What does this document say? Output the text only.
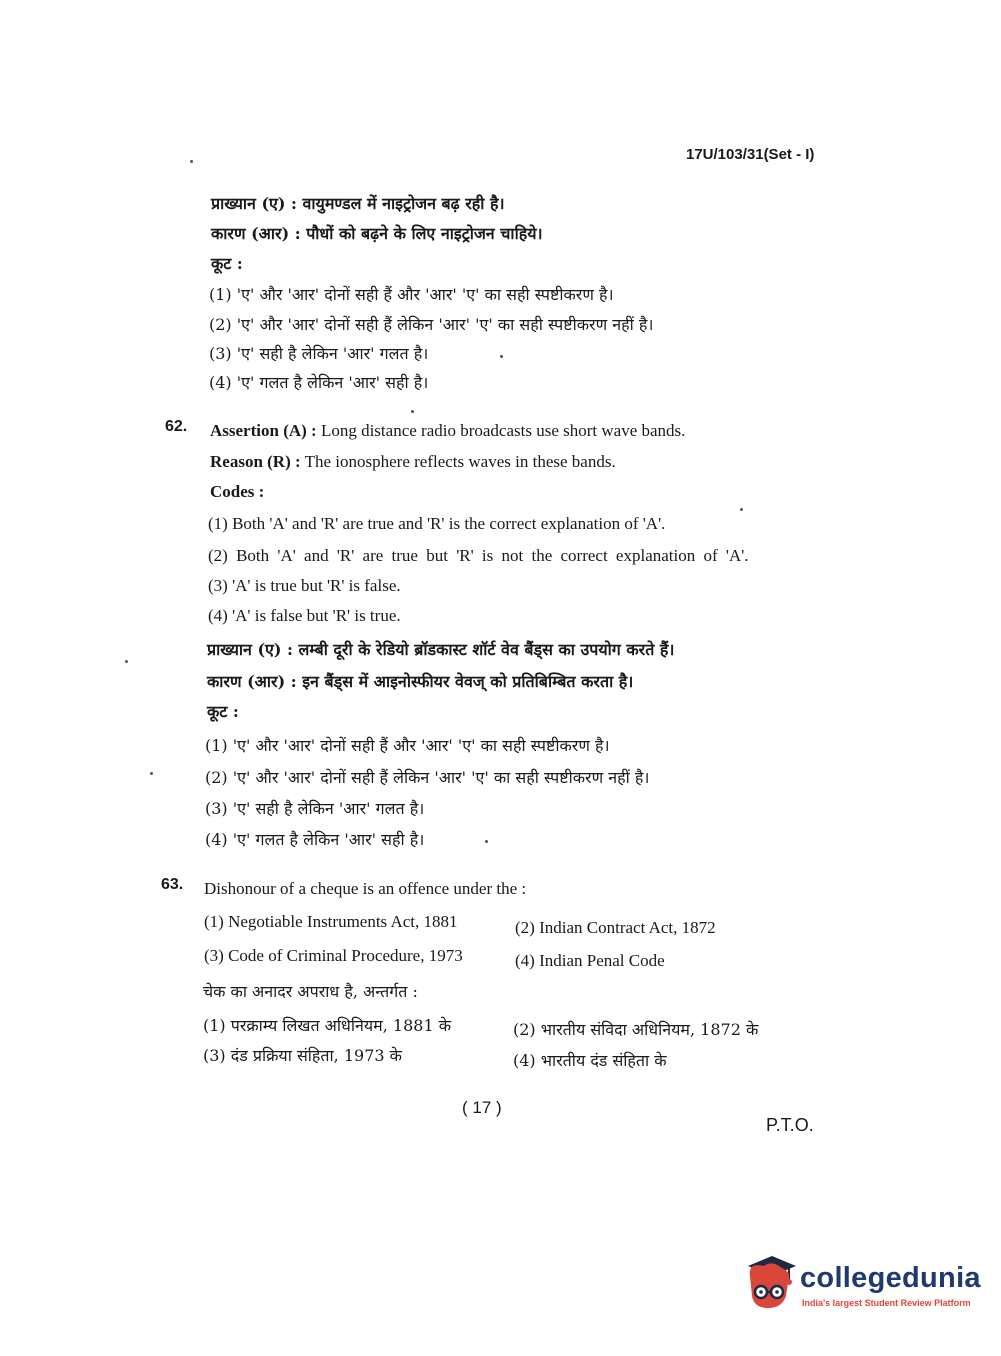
17U/103/31(Set - I)
प्राख्यान (ए) : वायुमण्डल में नाइट्रोजन बढ़ रही है।
कारण (आर) : पौधों को बढ़ने के लिए नाइट्रोजन चाहिये।
कूट :
(1) 'ए' और 'आर' दोनों सही हैं और 'आर' 'ए' का सही स्पष्टीकरण है।
(2) 'ए' और 'आर' दोनों सही हैं लेकिन 'आर' 'ए' का सही स्पष्टीकरण नहीं है।
(3) 'ए' सही है लेकिन 'आर' गलत है।
(4) 'ए' गलत है लेकिन 'आर' सही है।
62. Assertion (A) : Long distance radio broadcasts use short wave bands.
Reason (R) : The ionosphere reflects waves in these bands.
Codes :
(1) Both 'A' and 'R' are true and 'R' is the correct explanation of 'A'.
(2) Both 'A' and 'R' are true but 'R' is not the correct explanation of 'A'.
(3) 'A' is true but 'R' is false.
(4) 'A' is false but 'R' is true.
प्राख्यान (ए) : लम्बी दूरी के रेडियो ब्रॉडकास्ट शॉर्ट वेव बैंड्स का उपयोग करते हैं।
कारण (आर) : इन बैंड्स में आइनोस्फीयर वेवज् को प्रतिबिम्बित करता है।
कूट :
(1) 'ए' और 'आर' दोनों सही हैं और 'आर' 'ए' का सही स्पष्टीकरण है।
(2) 'ए' और 'आर' दोनों सही हैं लेकिन 'आर' 'ए' का सही स्पष्टीकरण नहीं है।
(3) 'ए' सही है लेकिन 'आर' गलत है।
(4) 'ए' गलत है लेकिन 'आर' सही है।
63. Dishonour of a cheque is an offence under the :
(1) Negotiable Instruments Act, 1881	(2) Indian Contract Act, 1872
(3) Code of Criminal Procedure, 1973	(4) Indian Penal Code
चेक का अनादर अपराध है, अन्तर्गत :
(1) परक्राम्य लिखत अधिनियम, 1881 के	(2) भारतीय संविदा अधिनियम, 1872 के
(3) दंड प्रक्रिया संहिता, 1973 के	(4) भारतीय दंड संहिता के
( 17 )
P.T.O.
collegedunia
India's largest Student Review Platform
